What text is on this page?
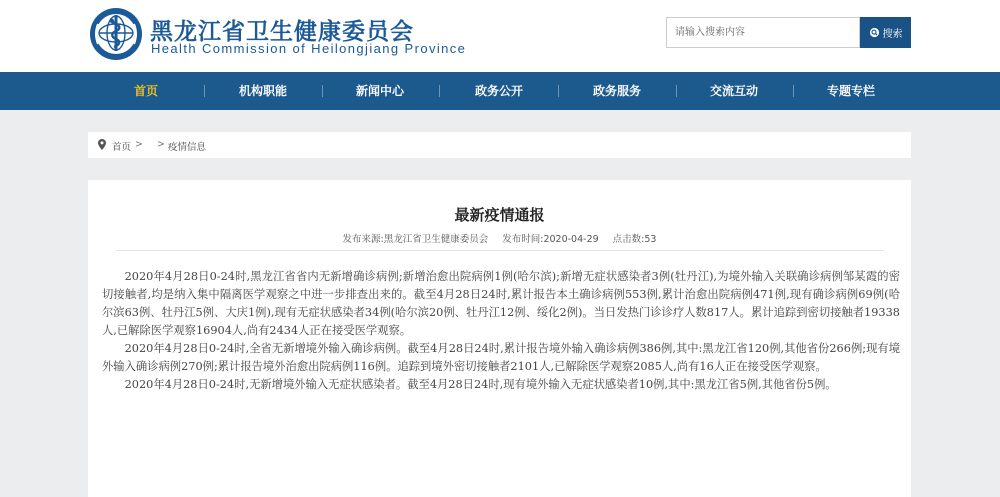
黑龙江省卫生健康委员会
Health Commission of Heilongjiang Province
请输入搜索内容
搜索
首页	机构职能	新闻中心	政务公开	政务服务	交流互动	专题专栏
首页 > > 疫情信息
最新疫情通报
发布来源:黑龙江省卫生健康委员会 发布时间:2020-04-29 点击数:53

2020年4月28日0-24时,黑龙江省省内无新增确诊病例;新增治愈出院病例1例(哈尔滨);新增无症状感染者3例(牡丹江),为境外输入关联确诊病例邹某霞的密切接触者,均是纳入集中隔离医学观察之中进一步排查出来的。截至4月28日24时,累计报告本土确诊病例553例,累计治愈出院病例471例,现有确诊病例69例(哈尔滨63例、牡丹江5例、大庆1例),现有无症状感染者34例(哈尔滨20例、牡丹江12例、绥化2例)。当日发热门诊诊疗人数817人。累计追踪到密切接触者19338人,已解除医学观察16904人,尚有2434人正在接受医学观察。

2020年4月28日0-24时,全省无新增境外输入确诊病例。截至4月28日24时,累计报告境外输入确诊病例386例,其中:黑龙江省120例,其他省份266例;现有境外输入确诊病例270例;累计报告境外治愈出院病例116例。追踪到境外密切接触者2101人,已解除医学观察2085人,尚有16人正在接受医学观察。

2020年4月28日0-24时,无新增境外输入无症状感染者。截至4月28日24时,现有境外输入无症状感染者10例,其中:黑龙江省5例,其他省份5例。
